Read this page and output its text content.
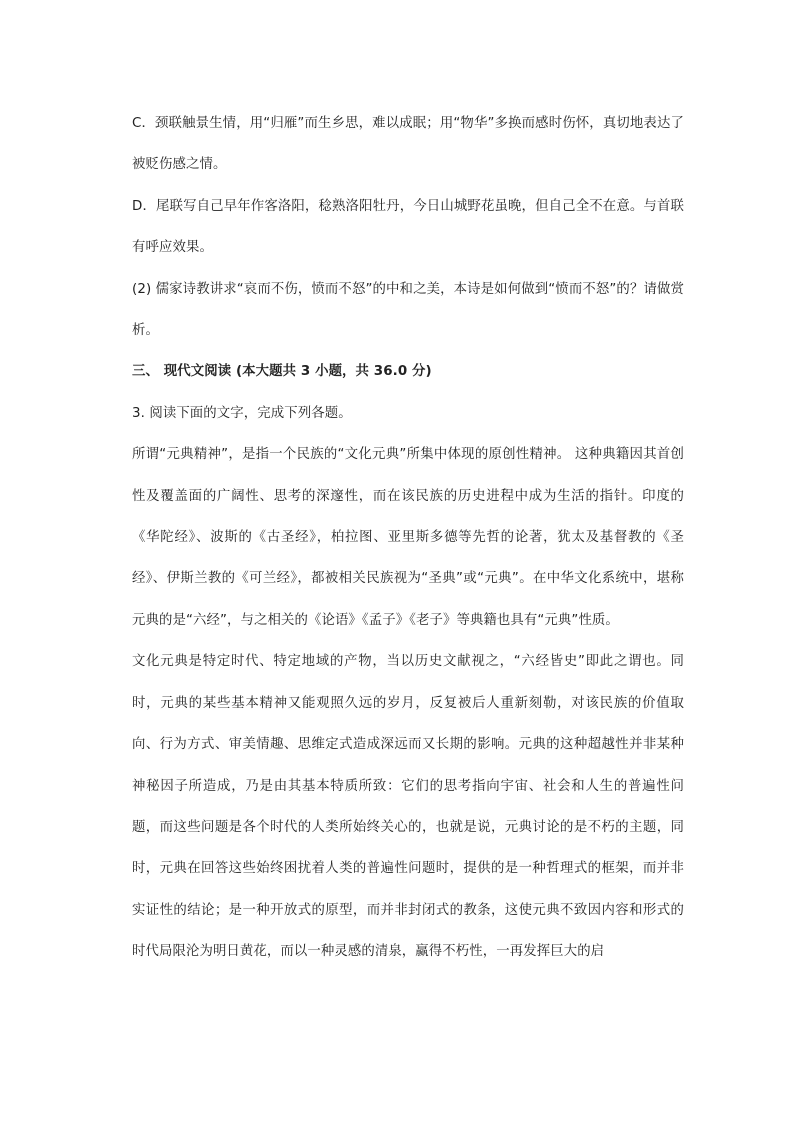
C．颈联触景生情，用“归雁”而生乡思，难以成眠；用“物华”多换而感时伤怀，真切地表达了被贬伤感之情。

D．尾联写自己早年作客洛阳，稔熟洛阳牡丹，今日山城野花虽晚，但自己全不在意。与首联有呼应效果。

(2) 儒家诗教讲求“哀而不伤，愤而不怒”的中和之美，本诗是如何做到“愤而不怒”的？请做赏析。

三、 现代文阅读 (本大题共 3 小题，共 36.0 分)

3. 阅读下面的文字，完成下列各题。

所谓“元典精神”，是指一个民族的“文化元典”所集中体现的原创性精神。 这种典籍因其首创性及覆盖面的广阔性、思考的深邃性，而在该民族的历史进程中成为生活的指针。印度的《华陀经》、波斯的《古圣经》，柏拉图、亚里斯多德等先哲的论著，犹太及基督教的《圣经》、伊斯兰教的《可兰经》，都被相关民族视为“圣典”或“元典”。在中华文化系统中，堪称元典的是“六经”，与之相关的《论语》《孟子》《老子》等典籍也具有“元典”性质。

文化元典是特定时代、特定地域的产物，当以历史文献视之，“六经皆史”即此之谓也。同时，元典的某些基本精神又能观照久远的岁月，反复被后人重新刻勒，对该民族的价值取向、行为方式、审美情趣、思维定式造成深远而又长期的影响。元典的这种超越性并非某种神秘因子所造成，乃是由其基本特质所致：它们的思考指向宇宙、社会和人生的普遍性问题，而这些问题是各个时代的人类所始终关心的，也就是说，元典讨论的是不朽的主题，同时，元典在回答这些始终困扰着人类的普遍性问题时，提供的是一种哲理式的框架，而并非实证性的结论；是一种开放式的原型，而并非封闭式的教条，这使元典不致因内容和形式的时代局限沦为明日黄花，而以一种灵感的清泉，赢得不朽性，一再发挥巨大的启
